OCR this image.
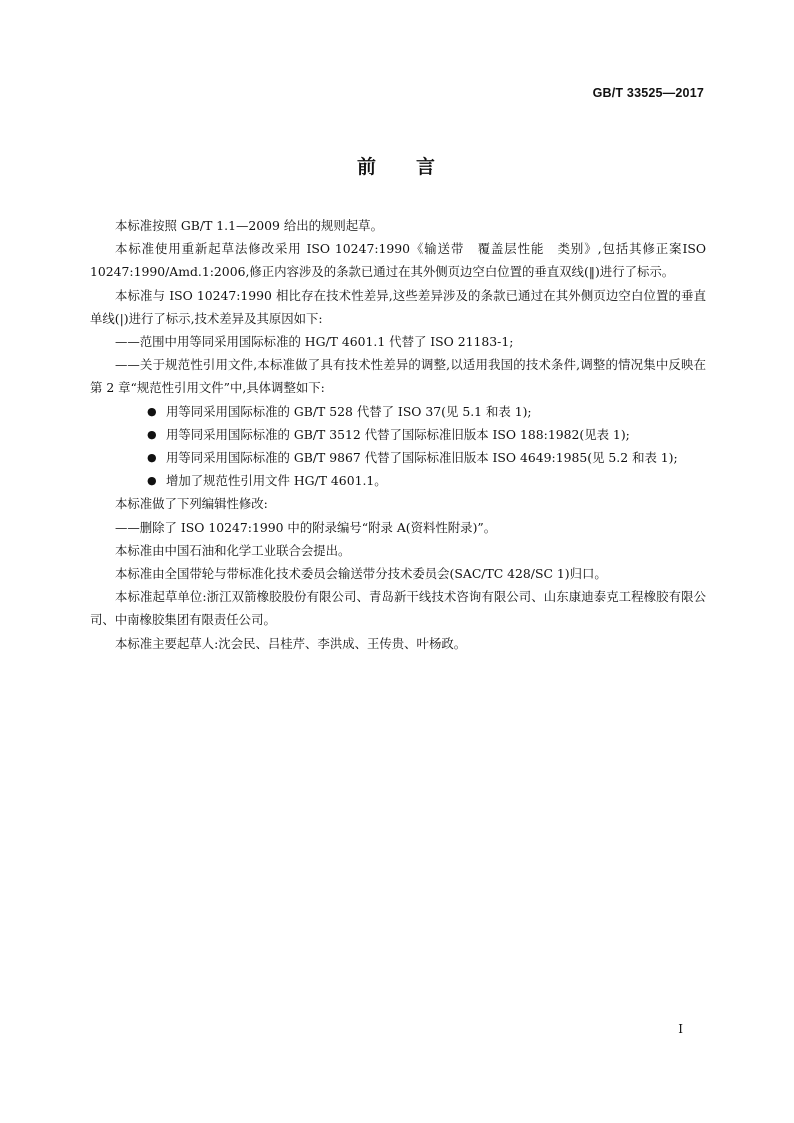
GB/T 33525—2017
前 言

本标准按照 GB/T 1.1—2009 给出的规则起草。

本标准使用重新起草法修改采用 ISO 10247:1990《输送带　覆盖层性能　类别》,包括其修正案ISO 10247:1990/Amd.1:2006,修正内容涉及的条款已通过在其外侧页边空白位置的垂直双线(‖)进行了标示。

本标准与 ISO 10247:1990 相比存在技术性差异,这些差异涉及的条款已通过在其外侧页边空白位置的垂直单线(|)进行了标示,技术差异及其原因如下:

——范围中用等同采用国际标准的 HG/T 4601.1 代替了 ISO 21183-1;

——关于规范性引用文件,本标准做了具有技术性差异的调整,以适用我国的技术条件,调整的情况集中反映在第 2 章“规范性引用文件”中,具体调整如下:

● 用等同采用国际标准的 GB/T 528 代替了 ISO 37(见 5.1 和表 1);
● 用等同采用国际标准的 GB/T 3512 代替了国际标准旧版本 ISO 188:1982(见表 1);
● 用等同采用国际标准的 GB/T 9867 代替了国际标准旧版本 ISO 4649:1985(见 5.2 和表 1);
● 增加了规范性引用文件 HG/T 4601.1。

本标准做了下列编辑性修改:

——删除了 ISO 10247:1990 中的附录编号“附录 A(资料性附录)”。

本标准由中国石油和化学工业联合会提出。

本标准由全国带轮与带标准化技术委员会输送带分技术委员会(SAC/TC 428/SC 1)归口。

本标准起草单位:浙江双箭橡胶股份有限公司、青岛新干线技术咨询有限公司、山东康迪泰克工程橡胶有限公司、中南橡胶集团有限责任公司。

本标准主要起草人:沈会民、吕桂芹、李洪成、王传贵、叶杨政。

I
